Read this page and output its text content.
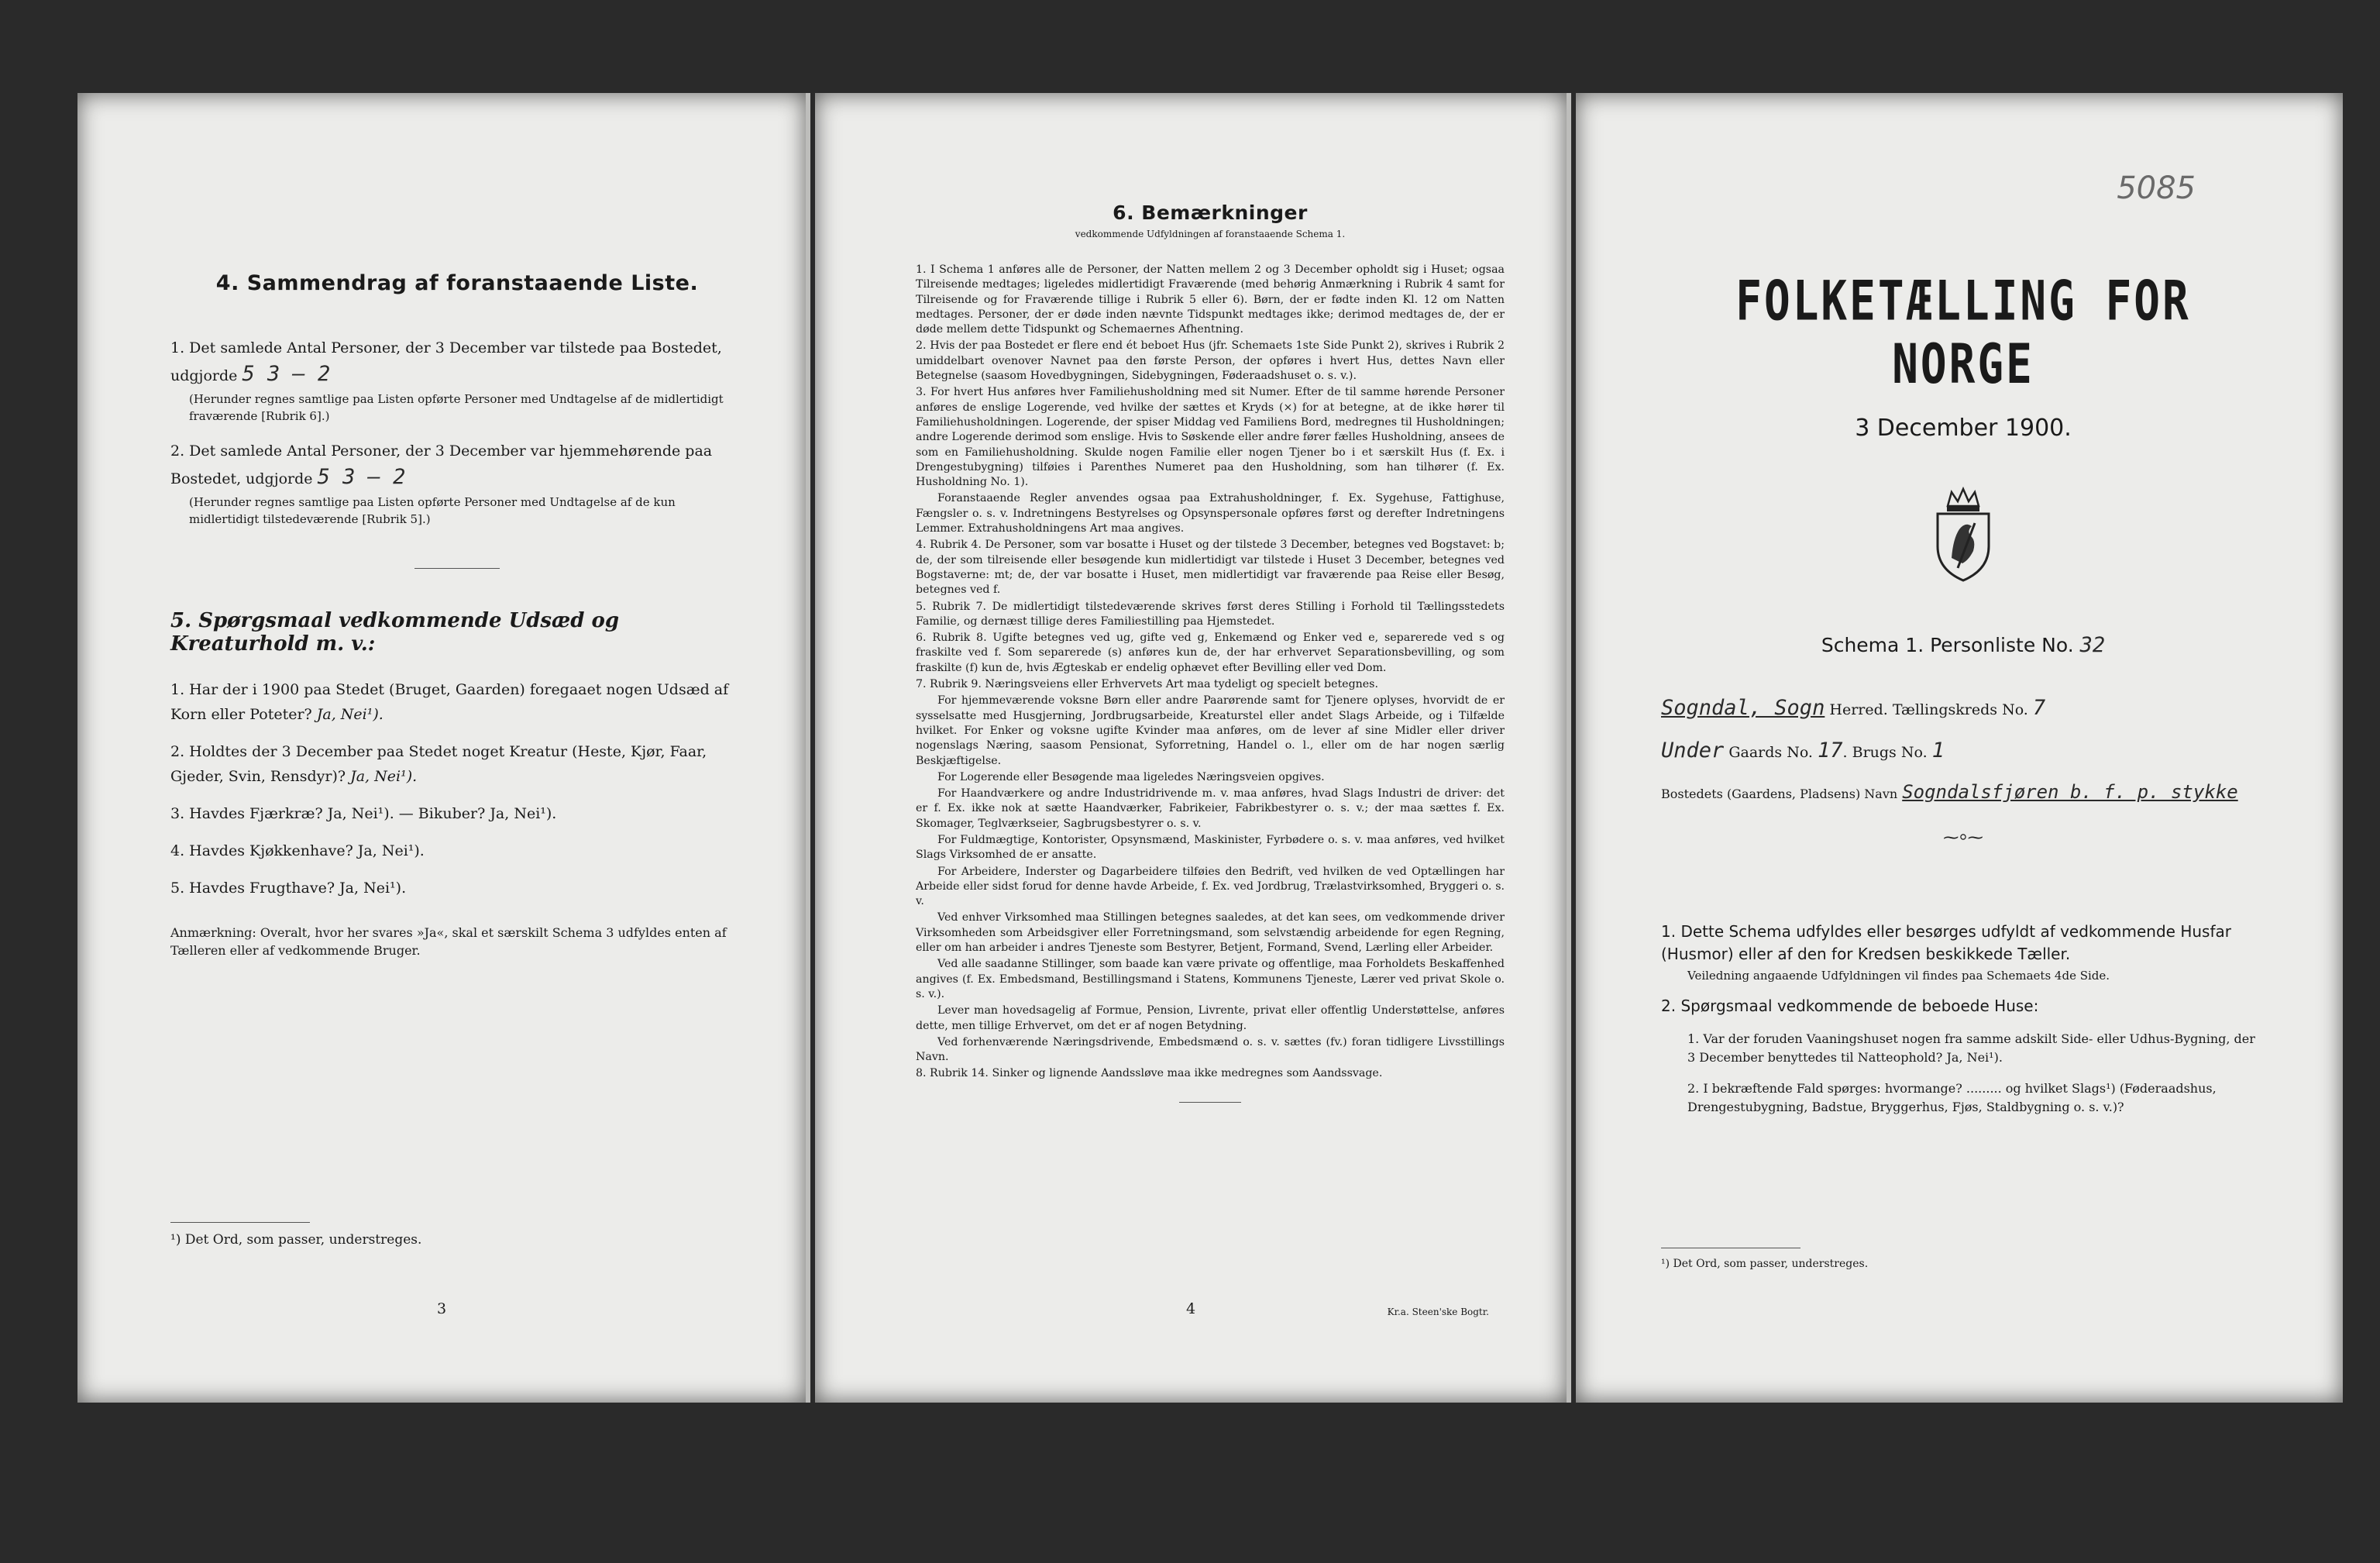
4. Sammendrag af foranstaaende Liste.

1. Det samlede Antal Personer, der 3 December var tilstede paa Bostedet,

udgjorde 5 3 – 2

(Herunder regnes samtlige paa Listen opførte Personer med Undtagelse af de midlertidigt fraværende [Rubrik 6].)

2. Det samlede Antal Personer, der 3 December var hjemmehørende paa

Bostedet, udgjorde 5 3 – 2

(Herunder regnes samtlige paa Listen opførte Personer med Undtagelse af de kun midlertidigt tilstedeværende [Rubrik 5].)

5. Spørgsmaal vedkommende Udsæd og Kreaturhold m. v.:

1. Har der i 1900 paa Stedet (Bruget, Gaarden) foregaaet nogen Udsæd af Korn eller Poteter? Ja, Nei¹).

2. Holdtes der 3 December paa Stedet noget Kreatur (Heste, Kjør, Faar, Gjeder, Svin, Rensdyr)? Ja, Nei¹).

3. Havdes Fjærkræ? Ja, Nei¹). — Bikuber? Ja, Nei¹).

4. Havdes Kjøkkenhave? Ja, Nei¹).

5. Havdes Frugthave? Ja, Nei¹).

Anmærkning: Overalt, hvor her svares »Ja«, skal et særskilt Schema 3 udfyldes enten af Tælleren eller af vedkommende Bruger.

¹) Det Ord, som passer, understreges.
3
6. Bemærkninger

vedkommende Udfyldningen af foranstaaende Schema 1.

1. I Schema 1 anføres alle de Personer, der Natten mellem 2 og 3 December opholdt sig i Huset; ogsaa Tilreisende medtages; ligeledes midlertidigt Fraværende (med behørig Anmærkning i Rubrik 4 samt for Tilreisende og for Fraværende tillige i Rubrik 5 eller 6). Børn, der er fødte inden Kl. 12 om Natten medtages. Personer, der er døde inden nævnte Tidspunkt medtages ikke; derimod medtages de, der er døde mellem dette Tidspunkt og Schemaernes Afhentning.

2. Hvis der paa Bostedet er flere end ét beboet Hus (jfr. Schemaets 1ste Side Punkt 2), skrives i Rubrik 2 umiddelbart ovenover Navnet paa den første Person, der opføres i hvert Hus, dettes Navn eller Betegnelse (saasom Hovedbygningen, Sidebygningen, Føderaadshuset o. s. v.).

3. For hvert Hus anføres hver Familiehusholdning med sit Numer. Efter de til samme hørende Personer anføres de enslige Logerende, ved hvilke der sættes et Kryds (×) for at betegne, at de ikke hører til Familiehusholdningen. Logerende, der spiser Middag ved Familiens Bord, medregnes til Husholdningen; andre Logerende derimod som enslige. Hvis to Søskende eller andre fører fælles Husholdning, ansees de som en Familiehusholdning. Skulde nogen Familie eller nogen Tjener bo i et særskilt Hus (f. Ex. i Drengestubygning) tilføies i Parenthes Numeret paa den Husholdning, som han tilhører (f. Ex. Husholdning No. 1).

Foranstaaende Regler anvendes ogsaa paa Extrahusholdninger, f. Ex. Sygehuse, Fattighuse, Fængsler o. s. v. Indretningens Bestyrelses og Opsynspersonale opføres først og derefter Indretningens Lemmer. Extrahusholdningens Art maa angives.

4. Rubrik 4. De Personer, som var bosatte i Huset og der tilstede 3 December, betegnes ved Bogstavet: b; de, der som tilreisende eller besøgende kun midlertidigt var tilstede i Huset 3 December, betegnes ved Bogstaverne: mt; de, der var bosatte i Huset, men midlertidigt var fraværende paa Reise eller Besøg, betegnes ved f.

5. Rubrik 7. De midlertidigt tilstedeværende skrives først deres Stilling i Forhold til Tællingsstedets Familie, og dernæst tillige deres Familiestilling paa Hjemstedet.

6. Rubrik 8. Ugifte betegnes ved ug, gifte ved g, Enkemænd og Enker ved e, separerede ved s og fraskilte ved f. Som separerede (s) anføres kun de, der har erhvervet Separationsbevilling, og som fraskilte (f) kun de, hvis Ægteskab er endelig ophævet efter Bevilling eller ved Dom.

7. Rubrik 9. Næringsveiens eller Erhvervets Art maa tydeligt og specielt betegnes.

For hjemmeværende voksne Børn eller andre Paarørende samt for Tjenere oplyses, hvorvidt de er sysselsatte med Husgjerning, Jordbrugsarbeide, Kreaturstel eller andet Slags Arbeide, og i Tilfælde hvilket. For Enker og voksne ugifte Kvinder maa anføres, om de lever af sine Midler eller driver nogenslags Næring, saasom Pensionat, Syforretning, Handel o. l., eller om de har nogen særlig Beskjæftigelse.

For Logerende eller Besøgende maa ligeledes Næringsveien opgives.

For Haandværkere og andre Industridrivende m. v. maa anføres, hvad Slags Industri de driver: det er f. Ex. ikke nok at sætte Haandværker, Fabrikeier, Fabrikbestyrer o. s. v.; der maa sættes f. Ex. Skomager, Teglværkseier, Sagbrugsbestyrer o. s. v.

For Fuldmægtige, Kontorister, Opsynsmænd, Maskinister, Fyrbødere o. s. v. maa anføres, ved hvilket Slags Virksomhed de er ansatte.

For Arbeidere, Inderster og Dagarbeidere tilføies den Bedrift, ved hvilken de ved Optællingen har Arbeide eller sidst forud for denne havde Arbeide, f. Ex. ved Jordbrug, Trælastvirksomhed, Bryggeri o. s. v.

Ved enhver Virksomhed maa Stillingen betegnes saaledes, at det kan sees, om vedkommende driver Virksomheden som Arbeidsgiver eller Forretningsmand, som selvstændig arbeidende for egen Regning, eller om han arbeider i andres Tjeneste som Bestyrer, Betjent, Formand, Svend, Lærling eller Arbeider.

Ved alle saadanne Stillinger, som baade kan være private og offentlige, maa Forholdets Beskaffenhed angives (f. Ex. Embedsmand, Bestillingsmand i Statens, Kommunens Tjeneste, Lærer ved privat Skole o. s. v.).

Lever man hovedsagelig af Formue, Pension, Livrente, privat eller offentlig Understøttelse, anføres dette, men tillige Erhvervet, om det er af nogen Betydning.

Ved forhenværende Næringsdrivende, Embedsmænd o. s. v. sættes (fv.) foran tidligere Livsstillings Navn.

8. Rubrik 14. Sinker og lignende Aandssløve maa ikke medregnes som Aandssvage.

4	Kr.a. Steen'ske Bogtr.
5085
FOLKETÆLLING FOR NORGE
3 December 1900.
Schema 1. Personliste No. 32

Sogndal, Sogn Herred. Tællingskreds No. 7

Under Gaards No. 17. Brugs No. 1

Bostedets (Gaardens, Pladsens) Navn Sogndalsfjøren b. f. p. stykke

⁓⸰⁓

1. Dette Schema udfyldes eller besørges udfyldt af vedkommende Husfar (Husmor) eller af den for Kredsen beskikkede Tæller.

Veiledning angaaende Udfyldningen vil findes paa Schemaets 4de Side.

2. Spørgsmaal vedkommende de beboede Huse:

1. Var der foruden Vaaningshuset nogen fra samme adskilt Side- eller Udhus-Bygning, der 3 December benyttedes til Natteophold? Ja, Nei¹).

2. I bekræftende Fald spørges: hvormange? ......... og hvilket Slags¹) (Føderaadshus, Drengestubygning, Badstue, Bryggerhus, Fjøs, Staldbygning o. s. v.)?

¹) Det Ord, som passer, understreges.
